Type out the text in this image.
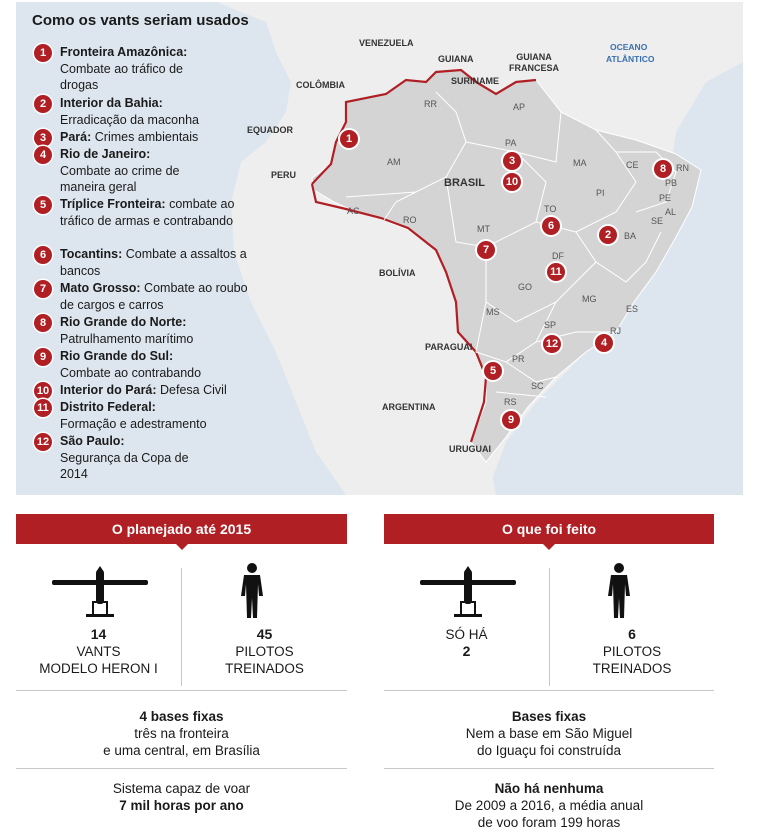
VENEZUELA
GUIANA
SURINAME
GUIANA FRANCESA
COLÔMBIA
EQUADOR
PERU
BOLÍVIA
PARAGUAI
ARGENTINA
URUGUAI
BRASIL
OCEANO
ATLÂNTICO
RR	AP
AM
PA
MA	CE	RN
PB
PI	PE
AL
SE
AC
RO
TO
BA
MT
DF
GO
MG
ES
MS
SP
RJ
PR
SC
RS
1
2
3
4
5
6
7
8
9
10
11
12
Como os vants seriam usados
1	Fronteira Amazônica:
Combate ao tráfico de drogas
2	Interior da Bahia:
Erradicação da maconha
3	Pará: Crimes ambientais
4	Rio de Janeiro:
Combate ao crime de maneira geral
5	Tríplice Fronteira: combate ao tráfico de armas e contrabando
6	Tocantins: Combate a assaltos a bancos
7	Mato Grosso: Combate ao roubo de cargos e carros
8	Rio Grande do Norte:
Patrulhamento marítimo
9	Rio Grande do Sul:
Combate ao contrabando
10 Interior do Pará: Defesa Civil
11 Distrito Federal:
Formação e adestramento
12 São Paulo: Segurança da Copa de 2014
O planejado até 2015
14
VANTS
MODELO HERON I
45
PILOTOS
TREINADOS
4 bases fixas
três na fronteira
e uma central, em Brasília
Sistema capaz de voar
7 mil horas por ano
O que foi feito
SÓ HÁ
2
6
PILOTOS
TREINADOS
Bases fixas
Nem a base em São Miguel
do Iguaçu foi construída
Não há nenhuma
De 2009 a 2016, a média anual
de voo foram 199 horas
